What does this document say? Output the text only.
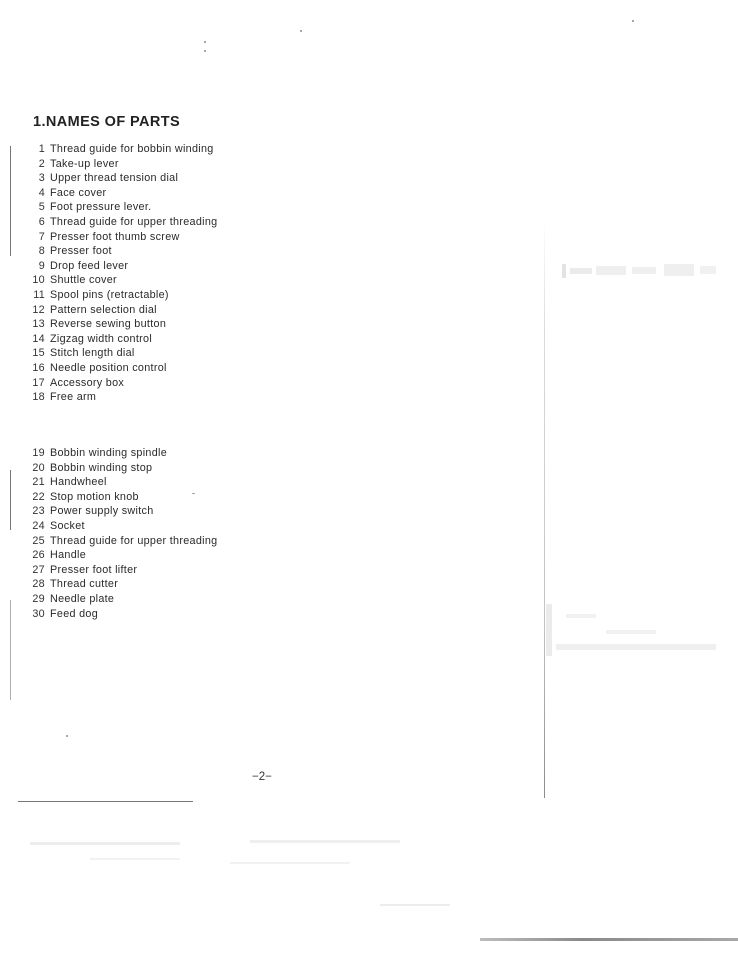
1.NAMES OF PARTS
1 Thread guide for bobbin winding
2 Take-up lever
3 Upper thread tension dial
4 Face cover
5 Foot pressure lever.
6 Thread guide for upper threading
7 Presser foot thumb screw
8 Presser foot
9 Drop feed lever
10 Shuttle cover
11 Spool pins (retractable)
12 Pattern selection dial
13 Reverse sewing button
14 Zigzag width control
15 Stitch length dial
16 Needle position control
17 Accessory box
18 Free arm
19 Bobbin winding spindle
20 Bobbin winding stop
21 Handwheel
22 Stop motion knob
23 Power supply switch
24 Socket
25 Thread guide for upper threading
26 Handle
27 Presser foot lifter
28 Thread cutter
29 Needle plate
30 Feed dog
−2−
